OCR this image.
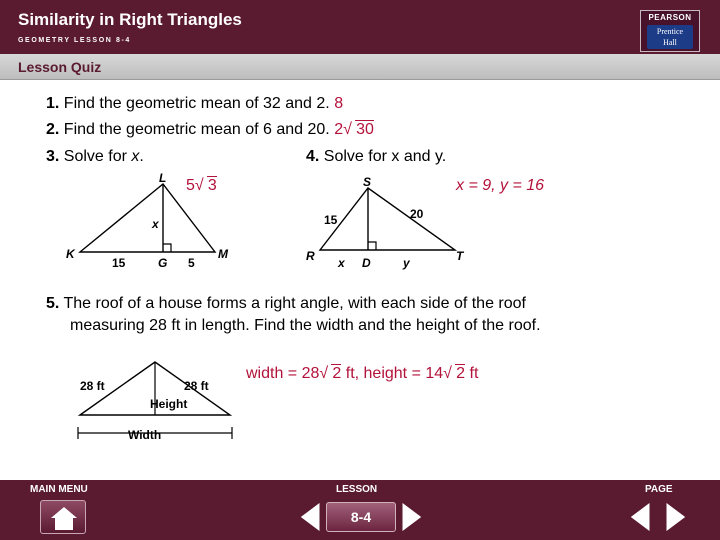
Similarity in Right Triangles
GEOMETRY LESSON 8-4
PEARSON
Prentice
Hall
Lesson Quiz
1. Find the geometric mean of 32 and 2. 8
2. Find the geometric mean of 6 and 20. 2 √ 30
3. Solve for x.	4. Solve for x and y.
5 √ 3	x = 9, y = 16
L
K	M
G
x
15	5
S
R	T
D
15	20
x	y
5. The roof of a house forms a right angle, with each side of the roof
measuring 28 ft in length. Find the width and the height of the roof.
width = 28 √ 2 ft, height = 14 √ 2 ft
28 ft	28 ft
Height
Width
MAIN MENU	LESSON	PAGE
8-4
